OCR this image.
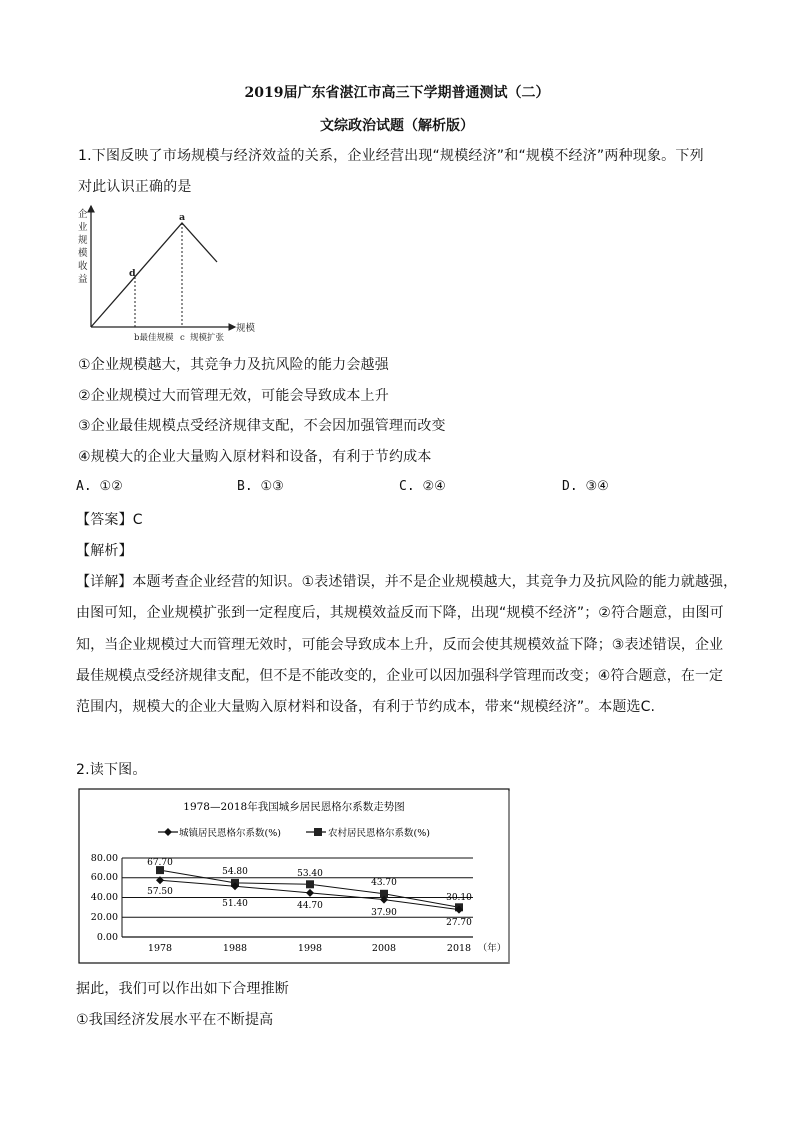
2019届广东省湛江市高三下学期普通测试（二）
文综政治试题（解析版）
1.下图反映了市场规模与经济效益的关系，企业经营出现“规模经济”和“规模不经济”两种现象。下列
对此认识正确的是
企
业
规
模
收
益
a
d
规模
b最佳规模 c 规模扩张
①企业规模越大，其竞争力及抗风险的能力会越强
②企业规模过大而管理无效，可能会导致成本上升
③企业最佳规模点受经济规律支配，不会因加强管理而改变
④规模大的企业大量购入原材料和设备，有利于节约成本
A. ①②	B. ①③	C. ②④	D. ③④
【答案】C
【解析】
【详解】本题考查企业经营的知识。①表述错误，并不是企业规模越大，其竞争力及抗风险的能力就越强，
由图可知，企业规模扩张到一定程度后，其规模效益反而下降，出现“规模不经济”；②符合题意，由图可
知，当企业规模过大而管理无效时，可能会导致成本上升，反而会使其规模效益下降；③表述错误，企业
最佳规模点受经济规律支配，但不是不能改变的，企业可以因加强科学管理而改变；④符合题意，在一定
范围内，规模大的企业大量购入原材料和设备，有利于节约成本，带来“规模经济”。本题选C.
2.读下图。
1978—2018年我国城乡居民恩格尔系数走势图
城镇居民恩格尔系数(%)	农村居民恩格尔系数(%)
80.00
60.00
40.00
20.00
0.00
1978	1988	1998	2008	2018 （年）
67.70
54.80	53.40
43.70
30.10
57.50
51.40	44.70
37.90
27.70
据此，我们可以作出如下合理推断
①我国经济发展水平在不断提高
